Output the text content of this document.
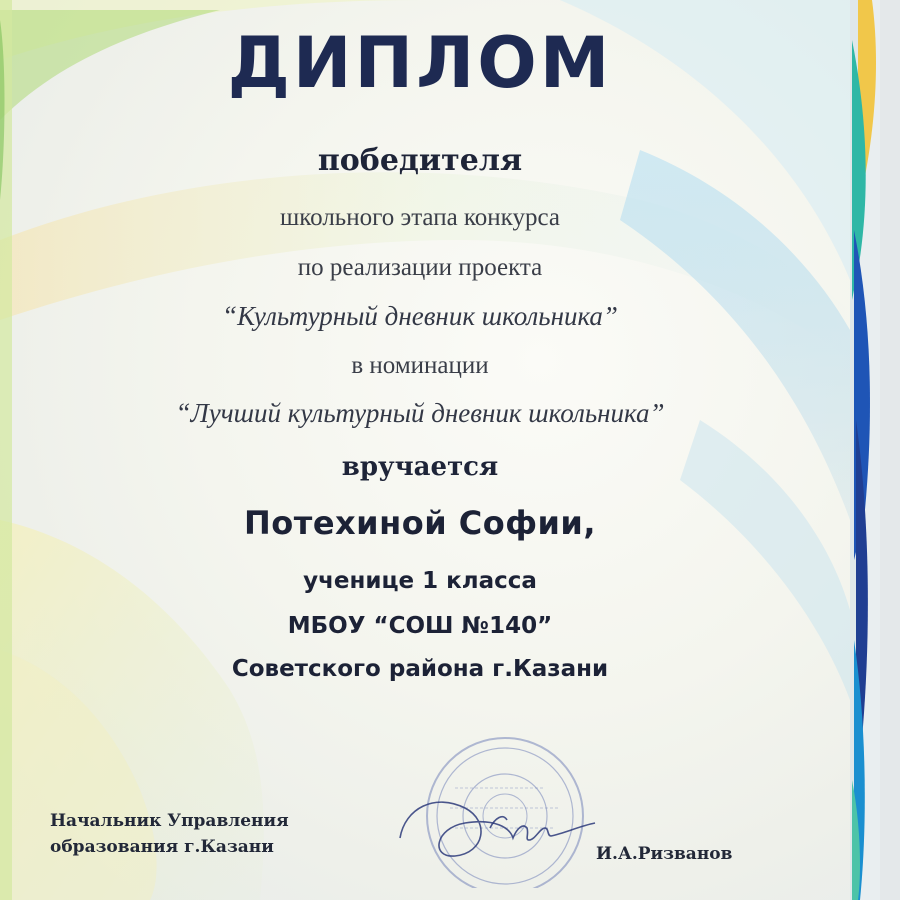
ДИПЛОМ
победителя
школьного этапа конкурса
по реализации проекта
“Культурный дневник школьника”
в номинации
“Лучший культурный дневник школьника”
вручается
Потехиной Софии,
ученице 1 класса
МБОУ “СОШ №140”
Советского района г.Казани
Начальник Управления
образования г.Казани	И.А.Ризванов
